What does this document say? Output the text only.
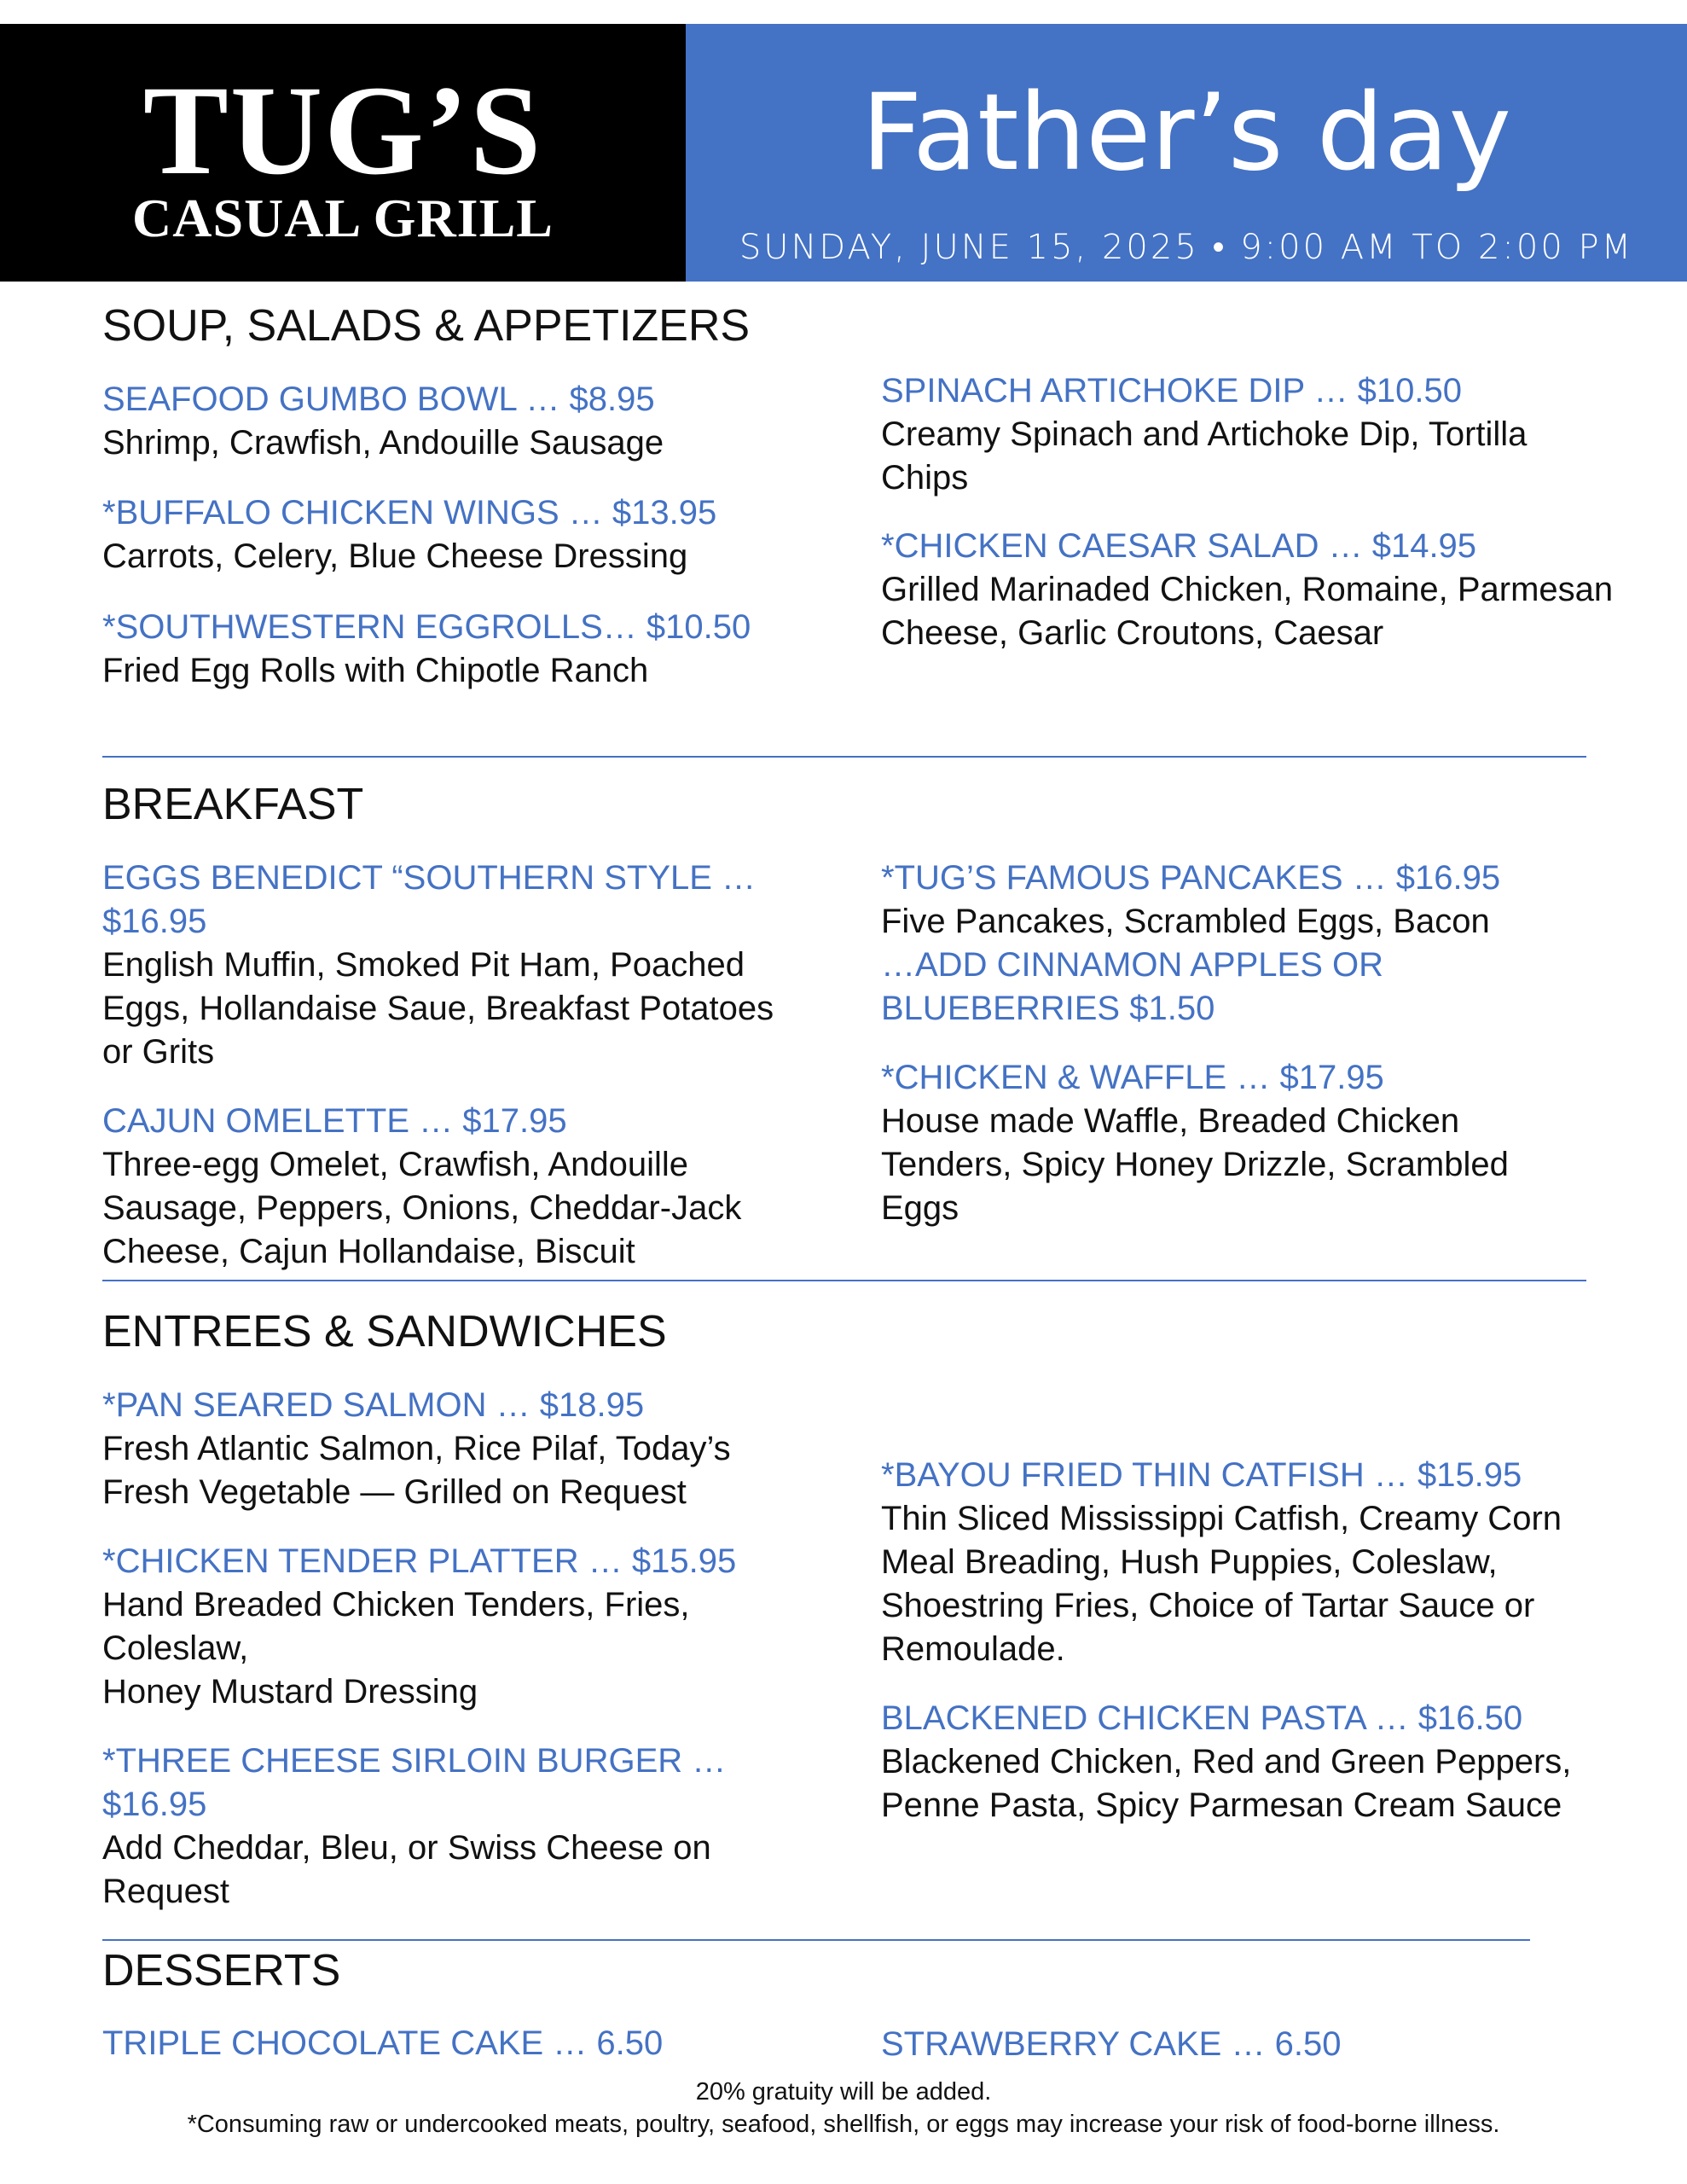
TUG’S
CASUAL GRILL
Father’s day
SUNDAY, JUNE 15, 2025 • 9:00 AM TO 2:00 PM
SOUP, SALADS & APPETIZERS
SEAFOOD GUMBO BOWL … $8.95
Shrimp, Crawfish, Andouille Sausage
*BUFFALO CHICKEN WINGS … $13.95
Carrots, Celery, Blue Cheese Dressing
*SOUTHWESTERN EGGROLLS… $10.50
Fried Egg Rolls with Chipotle Ranch
SPINACH ARTICHOKE DIP … $10.50
Creamy Spinach and Artichoke Dip, Tortilla Chips
*CHICKEN CAESAR SALAD … $14.95
Grilled Marinaded Chicken, Romaine, Parmesan Cheese, Garlic Croutons, Caesar
BREAKFAST
EGGS BENEDICT “SOUTHERN STYLE … $16.95
English Muffin, Smoked Pit Ham, Poached Eggs, Hollandaise Saue, Breakfast Potatoes or Grits
CAJUN OMELETTE … $17.95
Three-egg Omelet, Crawfish, Andouille Sausage, Peppers, Onions, Cheddar-Jack Cheese, Cajun Hollandaise, Biscuit
*TUG’S FAMOUS PANCAKES … $16.95
Five Pancakes, Scrambled Eggs, Bacon
…ADD CINNAMON APPLES OR BLUEBERRIES $1.50
*CHICKEN & WAFFLE … $17.95
House made Waffle, Breaded Chicken Tenders, Spicy Honey Drizzle, Scrambled Eggs
ENTREES & SANDWICHES
*PAN SEARED SALMON … $18.95
Fresh Atlantic Salmon, Rice Pilaf, Today’s Fresh Vegetable — Grilled on Request
*CHICKEN TENDER PLATTER … $15.95
Hand Breaded Chicken Tenders, Fries, Coleslaw,
Honey Mustard Dressing
*THREE CHEESE SIRLOIN BURGER … $16.95
Add Cheddar, Bleu, or Swiss Cheese on Request
*BAYOU FRIED THIN CATFISH … $15.95
Thin Sliced Mississippi Catfish, Creamy Corn Meal Breading, Hush Puppies, Coleslaw, Shoestring Fries, Choice of Tartar Sauce or Remoulade.
BLACKENED CHICKEN PASTA … $16.50
Blackened Chicken, Red and Green Peppers, Penne Pasta, Spicy Parmesan Cream Sauce
DESSERTS
TRIPLE CHOCOLATE CAKE … 6.50	STRAWBERRY CAKE … 6.50
20% gratuity will be added.
*Consuming raw or undercooked meats, poultry, seafood, shellfish, or eggs may increase your risk of food-borne illness.
